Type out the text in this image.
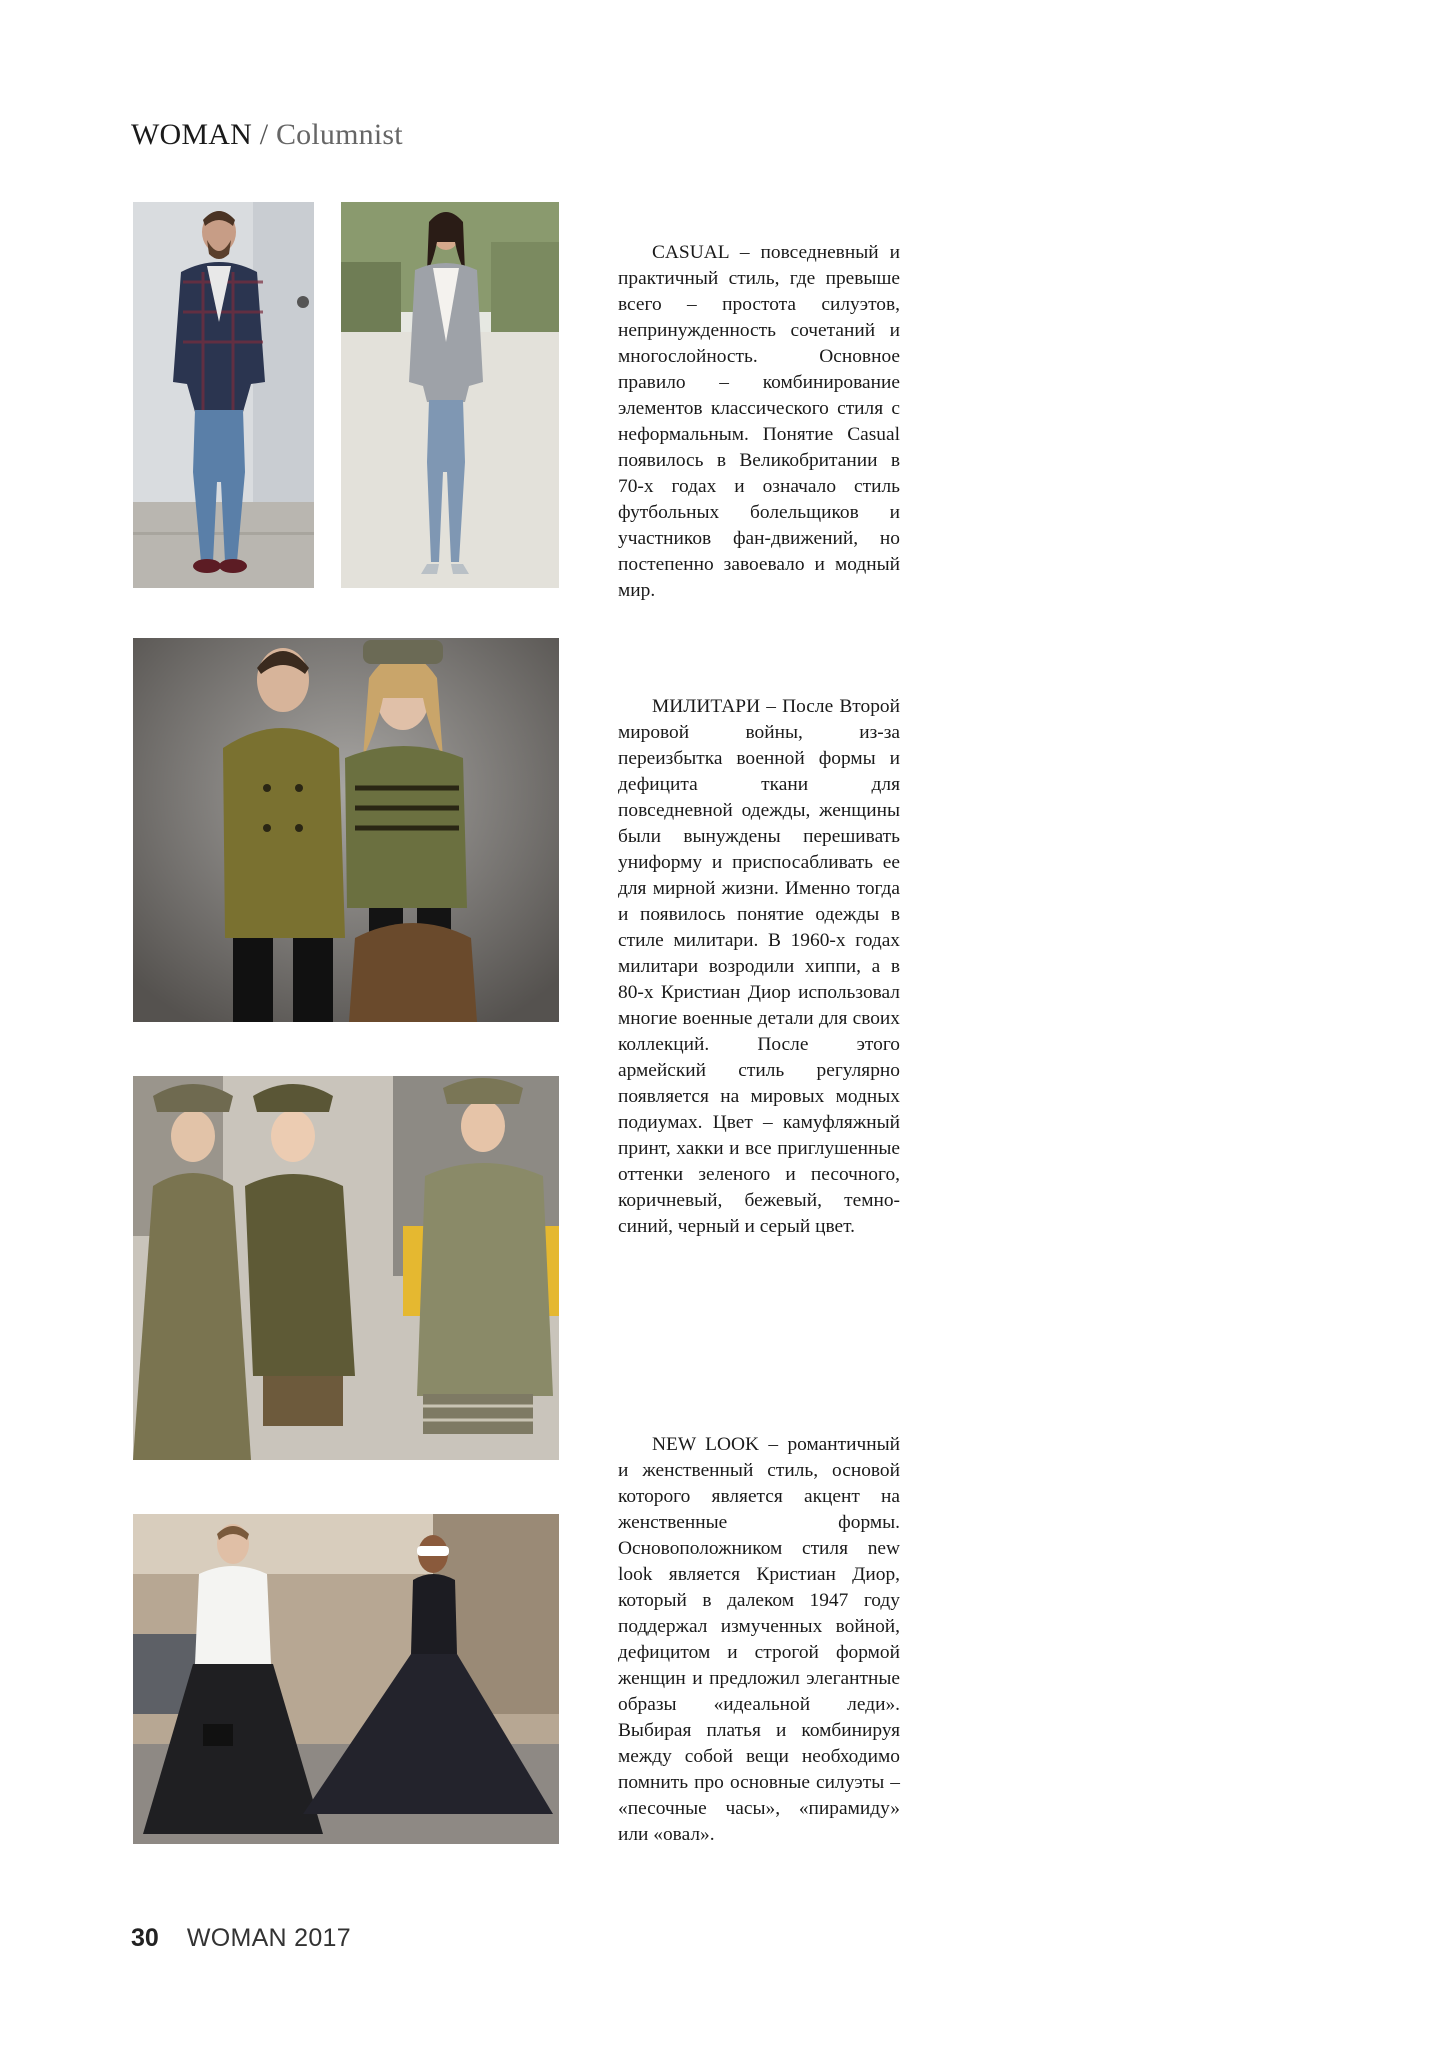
WOMAN / Columnist

CASUAL – повседневный и практичный стиль, где превыше всего – простота силуэтов, непринужденность сочетаний и многослойность. Основное правило – комбинирование элементов классического стиля с неформальным. Понятие Casual появилось в Великобритании в 70-х годах и означало стиль футбольных болельщиков и участников фан-движений, но постепенно завоевало и модный мир.

МИЛИТАРИ – После Второй мировой войны, из-за переизбытка военной формы и дефицита ткани для повседневной одежды, женщины были вынуждены перешивать униформу и приспосабливать ее для мирной жизни. Именно тогда и появилось понятие одежды в стиле милитари. В 1960-х годах милитари возродили хиппи, а в 80-х Кристиан Диор использовал многие военные детали для своих коллекций. После этого армейский стиль регулярно появляется на мировых модных подиумах. Цвет – камуфляжный принт, хакки и все приглушенные оттенки зеленого и песочного, коричневый, бежевый, темно-синий, черный и серый цвет.

NEW LOOK – романтичный и женственный стиль, основой которого является акцент на женственные формы. Основоположником стиля new look является Кристиан Диор, который в далеком 1947 году поддержал измученных войной, дефицитом и строгой формой женщин и предложил элегантные образы «идеальной леди». Выбирая платья и комбинируя между собой вещи необходимо помнить про основные силуэты – «песочные часы», «пирамиду» или «овал».

30 WOMAN 2017
